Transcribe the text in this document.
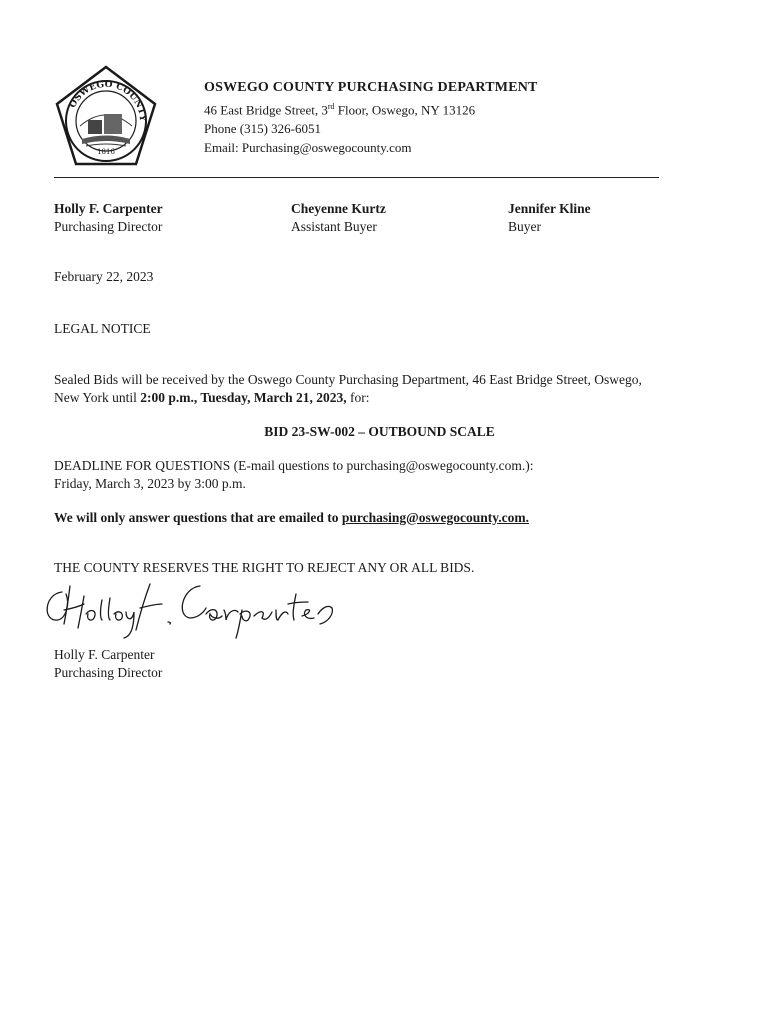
OSWEGO COUNTY
1816
OSWEGO COUNTY PURCHASING DEPARTMENT
46 East Bridge Street, 3rd Floor, Oswego, NY 13126
Phone (315) 326-6051
Email: Purchasing@oswegocounty.com
Holly F. Carpenter
Purchasing Director
Cheyenne Kurtz
Assistant Buyer
Jennifer Kline
Buyer
February 22, 2023
LEGAL NOTICE
Sealed Bids will be received by the Oswego County Purchasing Department, 46 East Bridge Street, Oswego,
New York until 2:00 p.m., Tuesday, March 21, 2023, for:
BID 23-SW-002 – OUTBOUND SCALE
DEADLINE FOR QUESTIONS (E-mail questions to purchasing@oswegocounty.com.):
Friday, March 3, 2023 by 3:00 p.m.
We will only answer questions that are emailed to purchasing@oswegocounty.com.
THE COUNTY RESERVES THE RIGHT TO REJECT ANY OR ALL BIDS.
Holly F. Carpenter
Purchasing Director
